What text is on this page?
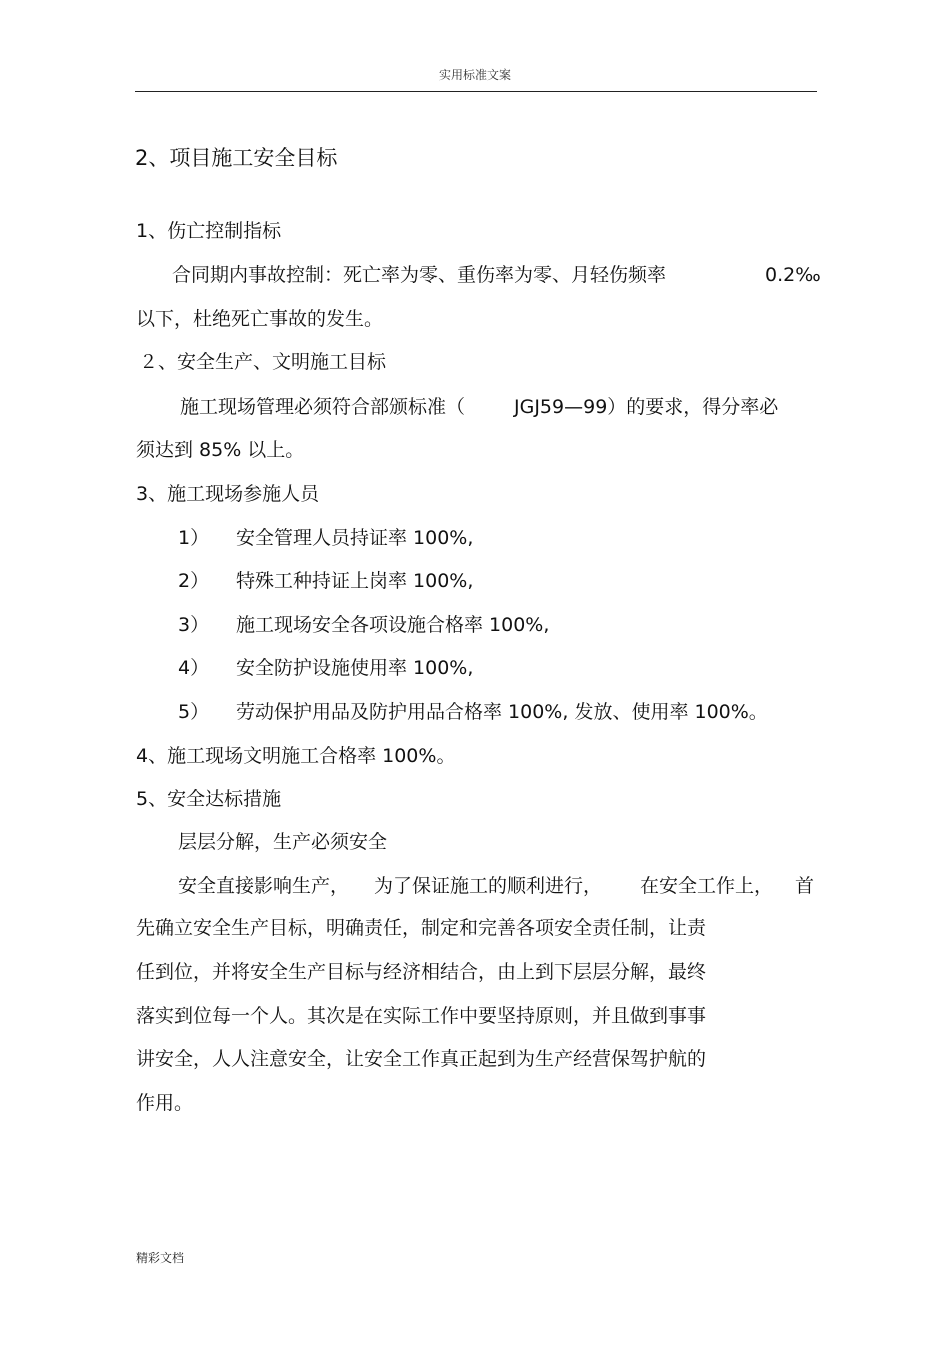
实用标准文案
2、项目施工安全目标
1、伤亡控制指标
合同期内事故控制：死亡率为零、重伤率为零、月轻伤频率	0.2‰
以下，杜绝死亡事故的发生。
２、安全生产、文明施工目标
施工现场管理必须符合部颁标准（	JGJ59—99）的要求，得分率必
须达到 85% 以上。
3、施工现场参施人员
1） 安全管理人员持证率 100%,
2） 特殊工种持证上岗率 100%,
3） 施工现场安全各项设施合格率 100%,
4） 安全防护设施使用率 100%,
5） 劳动保护用品及防护用品合格率 100%, 发放、使用率 100%。
4、施工现场文明施工合格率 100%。
5、安全达标措施
层层分解，生产必须安全
安全直接影响生产， 为了保证施工的顺利进行， 在安全工作上， 首
先确立安全生产目标，明确责任，制定和完善各项安全责任制，让责
任到位，并将安全生产目标与经济相结合，由上到下层层分解，最终
落实到位每一个人。其次是在实际工作中要坚持原则，并且做到事事
讲安全，人人注意安全，让安全工作真正起到为生产经营保驾护航的
作用。
精彩文档
